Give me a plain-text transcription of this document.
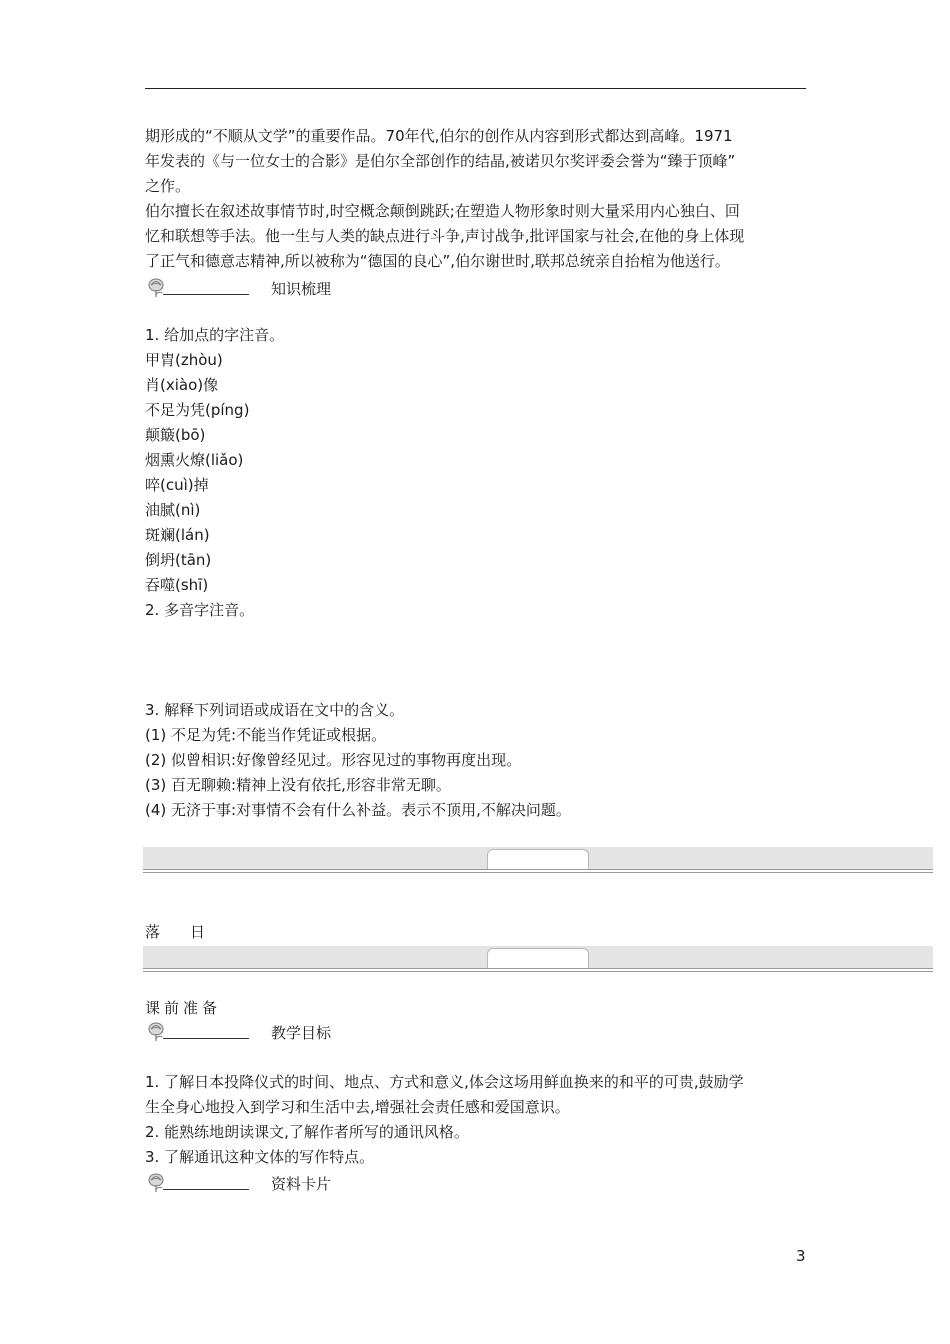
期形成的“不顺从文学”的重要作品。70年代,伯尔的创作从内容到形式都达到高峰。1971
年发表的《与一位女士的合影》是伯尔全部创作的结晶,被诺贝尔奖评委会誉为“臻于顶峰”
之作。
伯尔擅长在叙述故事情节时,时空概念颠倒跳跃;在塑造人物形象时则大量采用内心独白、回
忆和联想等手法。他一生与人类的缺点进行斗争,声讨战争,批评国家与社会,在他的身上体现
了正气和德意志精神,所以被称为“德国的良心”,伯尔谢世时,联邦总统亲自抬棺为他送行。
知识梳理
1. 给加点的字注音。
甲胄(zhòu)
肖(xiào)像
不足为凭(píng)
颠簸(bō)
烟熏火燎(liǎo)
啐(cuì)掉
油腻(nì)
斑斓(lán)
倒坍(tān)
吞噬(shī)
2. 多音字注音。
3. 解释下列词语或成语在文中的含义。
(1) 不足为凭:不能当作凭证或根据。
(2) 似曾相识:好像曾经见过。形容见过的事物再度出现。
(3) 百无聊赖:精神上没有依托,形容非常无聊。
(4) 无济于事:对事情不会有什么补益。表示不顶用,不解决问题。
落日
课前准备
教学目标
1. 了解日本投降仪式的时间、地点、方式和意义,体会这场用鲜血换来的和平的可贵,鼓励学
生全身心地投入到学习和生活中去,增强社会责任感和爱国意识。
2. 能熟练地朗读课文,了解作者所写的通讯风格。
3. 了解通讯这种文体的写作特点。
资料卡片
3
